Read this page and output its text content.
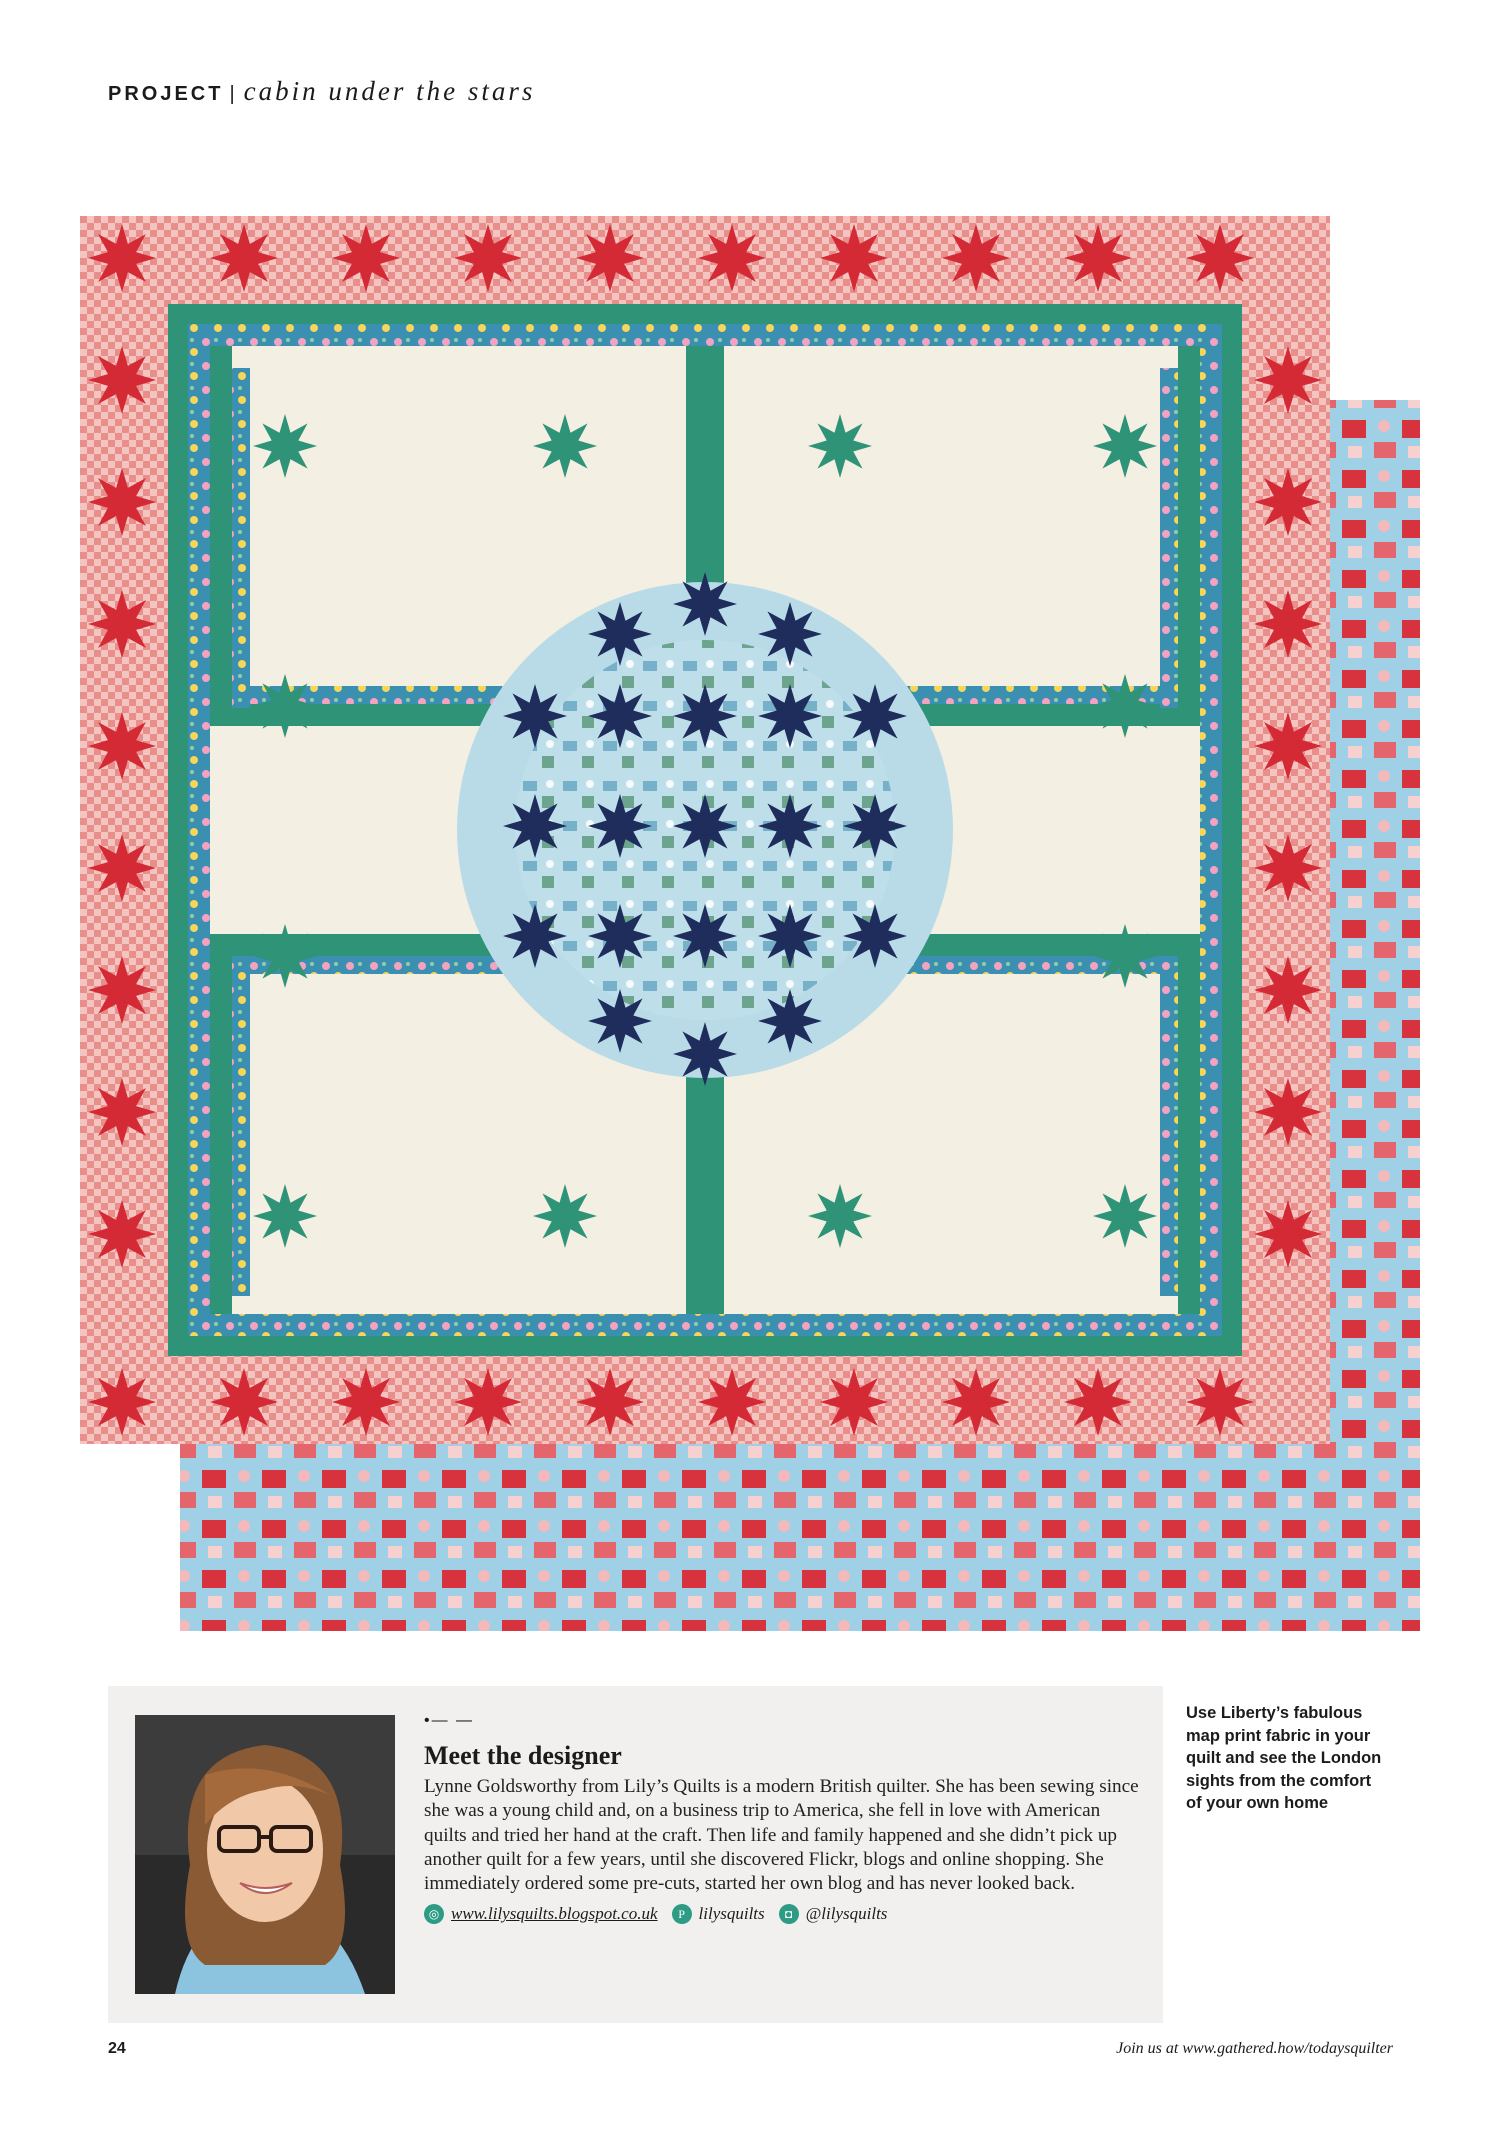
PROJECT | cabin under the stars
•— —
Meet the designer

Lynne Goldsworthy from Lily’s Quilts is a modern British quilter. She has been sewing since she was a young child and, on a business trip to America, she fell in love with American quilts and tried her hand at the craft. Then life and family happened and she didn’t pick up another quilt for a few years, until she discovered Flickr, blogs and online shopping. She immediately ordered some pre-cuts, started her own blog and has never looked back.

◎ www.lilysquilts.blogspot.co.uk	P lilysquilts	◘ @lilysquilts
Use Liberty’s fabulous map print fabric in your quilt and see the London sights from the comfort of your own home
24	Join us at www.gathered.how/todaysquilter
